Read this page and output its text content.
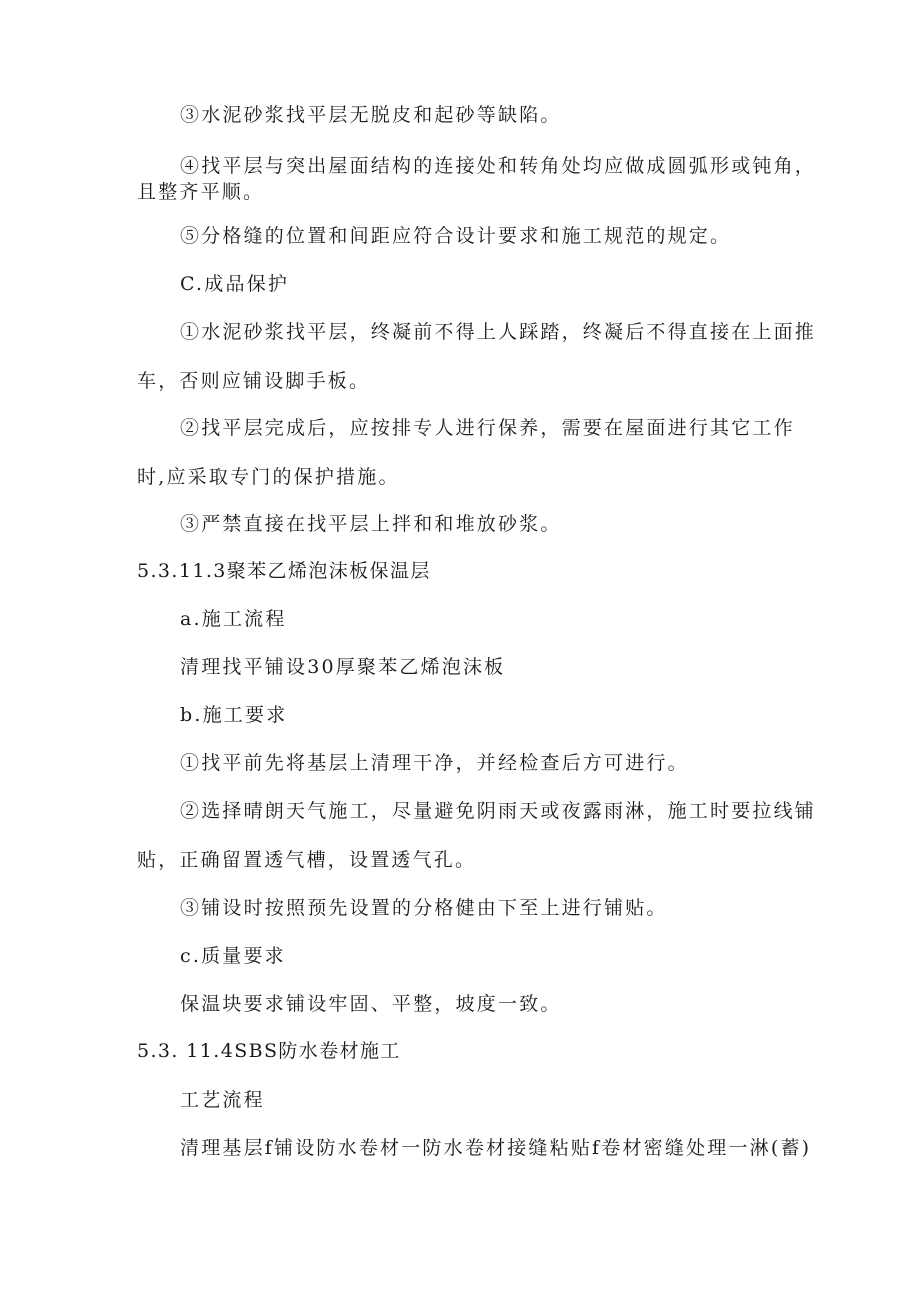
③水泥砂浆找平层无脱皮和起砂等缺陷。
④找平层与突出屋面结构的连接处和转角处均应做成圆弧形或钝角，
且整齐平顺。
⑤分格缝的位置和间距应符合设计要求和施工规范的规定。
C.成品保护
①水泥砂浆找平层，终凝前不得上人踩踏，终凝后不得直接在上面推
车，否则应铺设脚手板。
②找平层完成后，应按排专人进行保养，需要在屋面进行其它工作
时,应采取专门的保护措施。
③严禁直接在找平层上拌和和堆放砂浆。
5.3.11.3聚苯乙烯泡沫板保温层
a.施工流程
清理找平铺设30厚聚苯乙烯泡沫板
b.施工要求
①找平前先将基层上清理干净，并经检查后方可进行。
②选择晴朗天气施工，尽量避免阴雨天或夜露雨淋，施工时要拉线铺
贴，正确留置透气槽，设置透气孔。
③铺设时按照预先设置的分格健由下至上进行铺贴。
c.质量要求
保温块要求铺设牢固、平整，坡度一致。
5.3. 11.4SBS防水卷材施工
工艺流程
清理基层f铺设防水卷材一防水卷材接缝粘贴f卷材密缝处理一淋(蓄)
